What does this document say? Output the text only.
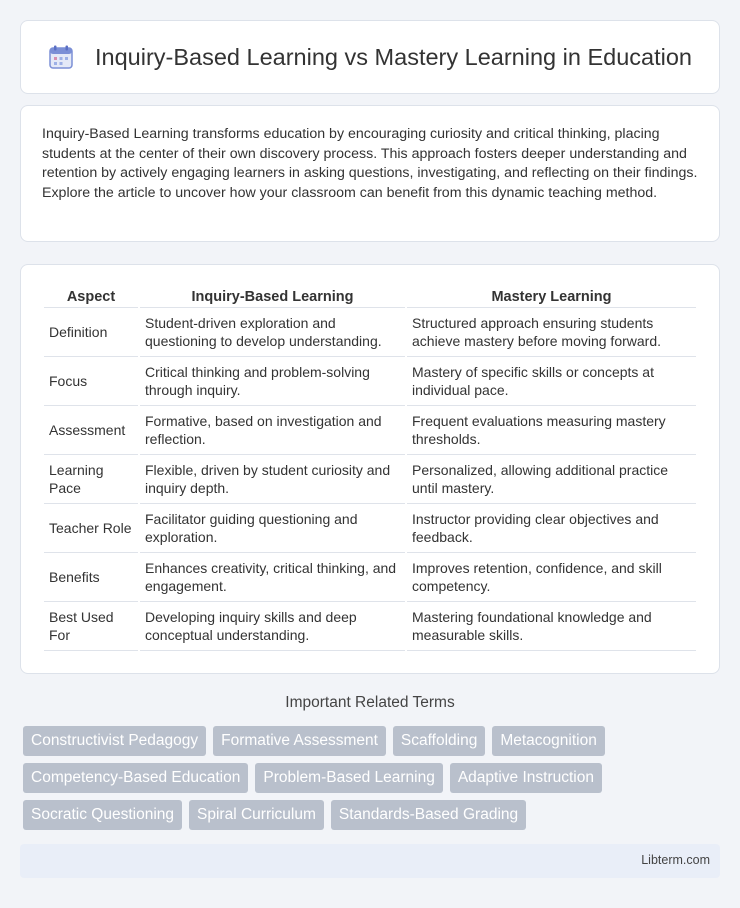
Inquiry-Based Learning vs Mastery Learning in Education

Inquiry-Based Learning transforms education by encouraging curiosity and critical thinking, placing students at the center of their own discovery process. This approach fosters deeper understanding and retention by actively engaging learners in asking questions, investigating, and reflecting on their findings. Explore the article to uncover how your classroom can benefit from this dynamic teaching method.

Aspect	Inquiry-Based Learning	Mastery Learning
Definition	Student-driven exploration and questioning to develop understanding.	Structured approach ensuring students achieve mastery before moving forward.
Focus	Critical thinking and problem-solving through inquiry.	Mastery of specific skills or concepts at individual pace.
Assessment	Formative, based on investigation and reflection.	Frequent evaluations measuring mastery thresholds.
Learning Pace	Flexible, driven by student curiosity and inquiry depth.	Personalized, allowing additional practice until mastery.
Teacher Role	Facilitator guiding questioning and exploration.	Instructor providing clear objectives and feedback.
Benefits	Enhances creativity, critical thinking, and engagement.	Improves retention, confidence, and skill competency.
Best Used For	Developing inquiry skills and deep conceptual understanding.	Mastering foundational knowledge and measurable skills.
Important Related Terms
Constructivist Pedagogy	Formative Assessment	Scaffolding	Metacognition
Competency-Based Education	Problem-Based Learning	Adaptive Instruction
Socratic Questioning	Spiral Curriculum	Standards-Based Grading
Libterm.com
